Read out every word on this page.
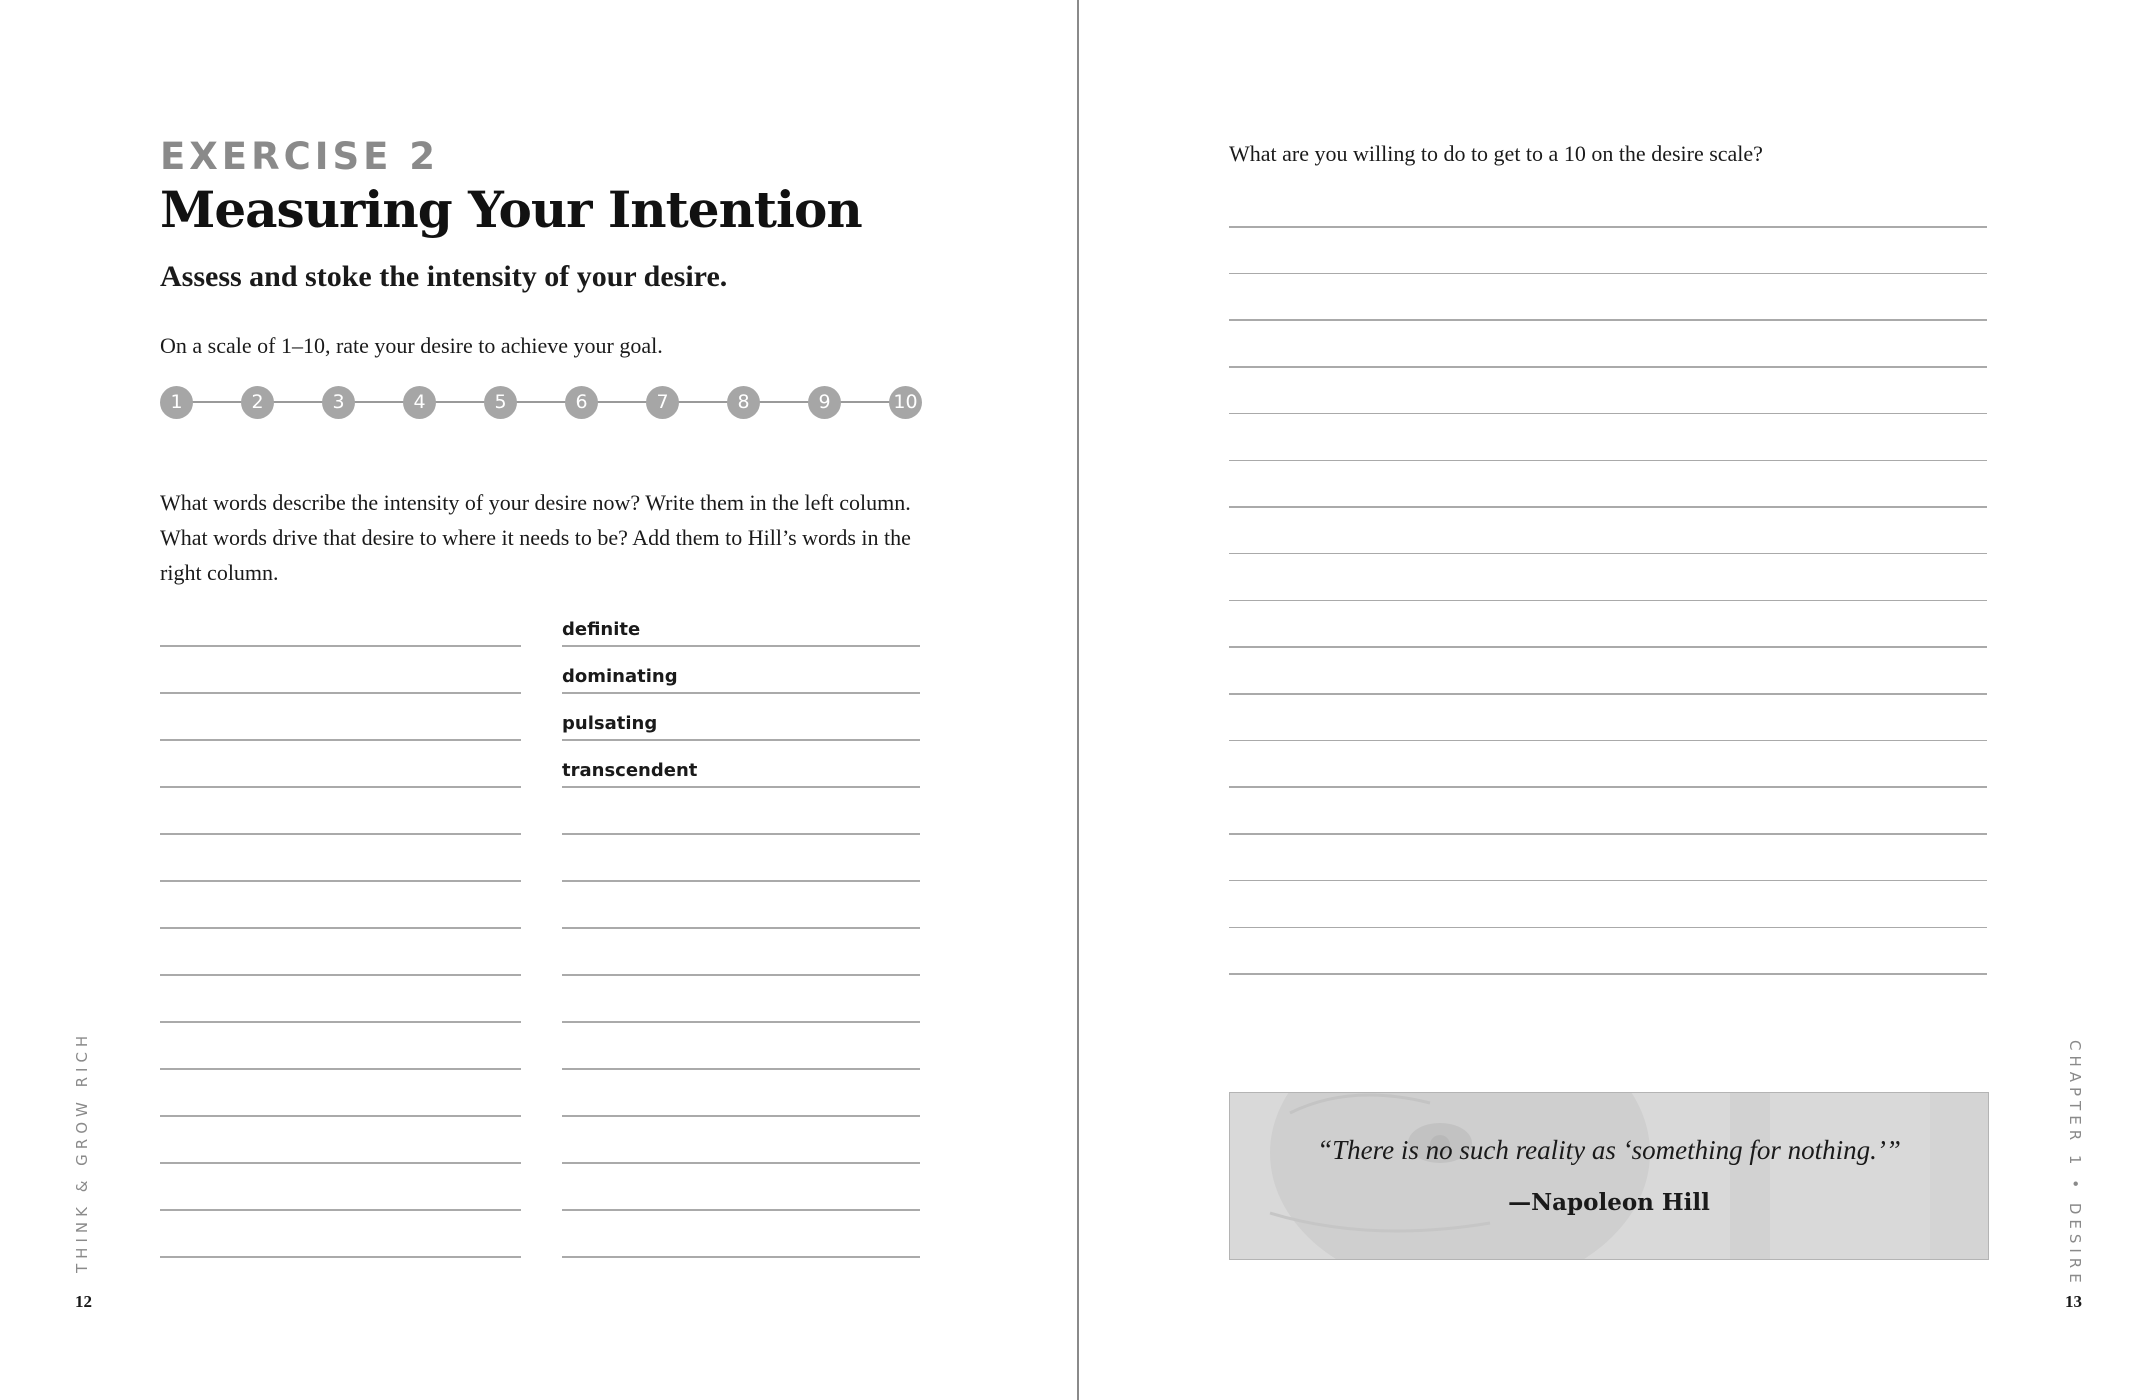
EXERCISE 2
Measuring Your Intention
Assess and stoke the intensity of your desire.
On a scale of 1–10, rate your desire to achieve your goal.
1	2	3	4	5	6	7	8	9	10
What words describe the intensity of your desire now? Write them in the left column. What words drive that desire to where it needs to be? Add them to Hill’s words in the right column.
definite
dominating
pulsating
transcendent
THINK & GROW RICH
12
What are you willing to do to get to a 10 on the desire scale?
“There is no such reality as ‘something for nothing.’”
—Napoleon Hill	CHAPTER 1 • DESIRE
13
